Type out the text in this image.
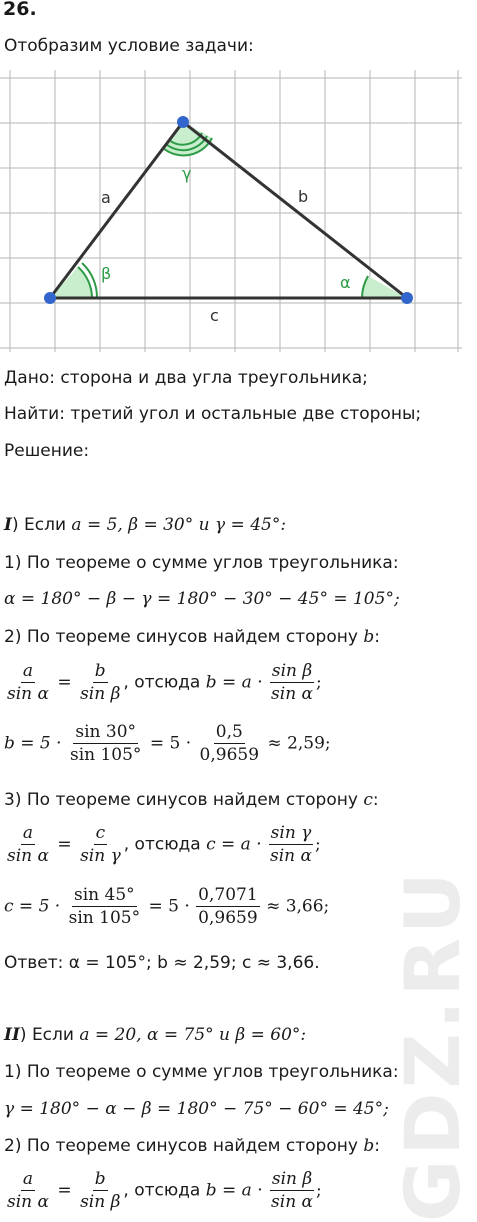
GDZ.RU
26.
Отобразим условие задачи:
a	b
c
β	α
γ
Дано: сторона и два угла треугольника;
Найти: третий угол и остальные две стороны;
Решение:
I) Если a = 5, β = 30° и γ = 45°:
1) По теореме о сумме углов треугольника:
α = 180° − β − γ = 180° − 30° − 45° = 105°;
2) По теореме синусов найдем сторону b:
$\frac{a}{\text{sin α}} = \frac{b}{\text{sin β}}$ , отсюда $b = a \cdot \frac{\text{sin β}}{\text{sin α}}$ ;
$b = 5 \cdot \frac{\sin 30^\circ}{\sin 105^\circ} = 5 \cdot \frac{0,5}{0,9659} \approx 2,59$;
3) По теореме синусов найдем сторону c:
$\frac{a}{\text{sin α}} = \frac{c}{\text{sin γ}}$ , отсюда $c = a \cdot \frac{\text{sin γ}}{\text{sin α}}$ ;
$c = 5 \cdot \frac{\sin 45^\circ}{\sin 105^\circ} = 5 \cdot \frac{0,7071}{0,9659} \approx 3,66$;
Ответ: α = 105°; b ≈ 2,59; c ≈ 3,66.
II) Если a = 20, α = 75° и β = 60°:
1) По теореме о сумме углов треугольника:
γ = 180° − α − β = 180° − 75° − 60° = 45°;
2) По теореме синусов найдем сторону b:
$\frac{a}{\text{sin α}} = \frac{b}{\text{sin β}}$ , отсюда $b = a \cdot \frac{\text{sin β}}{\text{sin α}}$ ;
